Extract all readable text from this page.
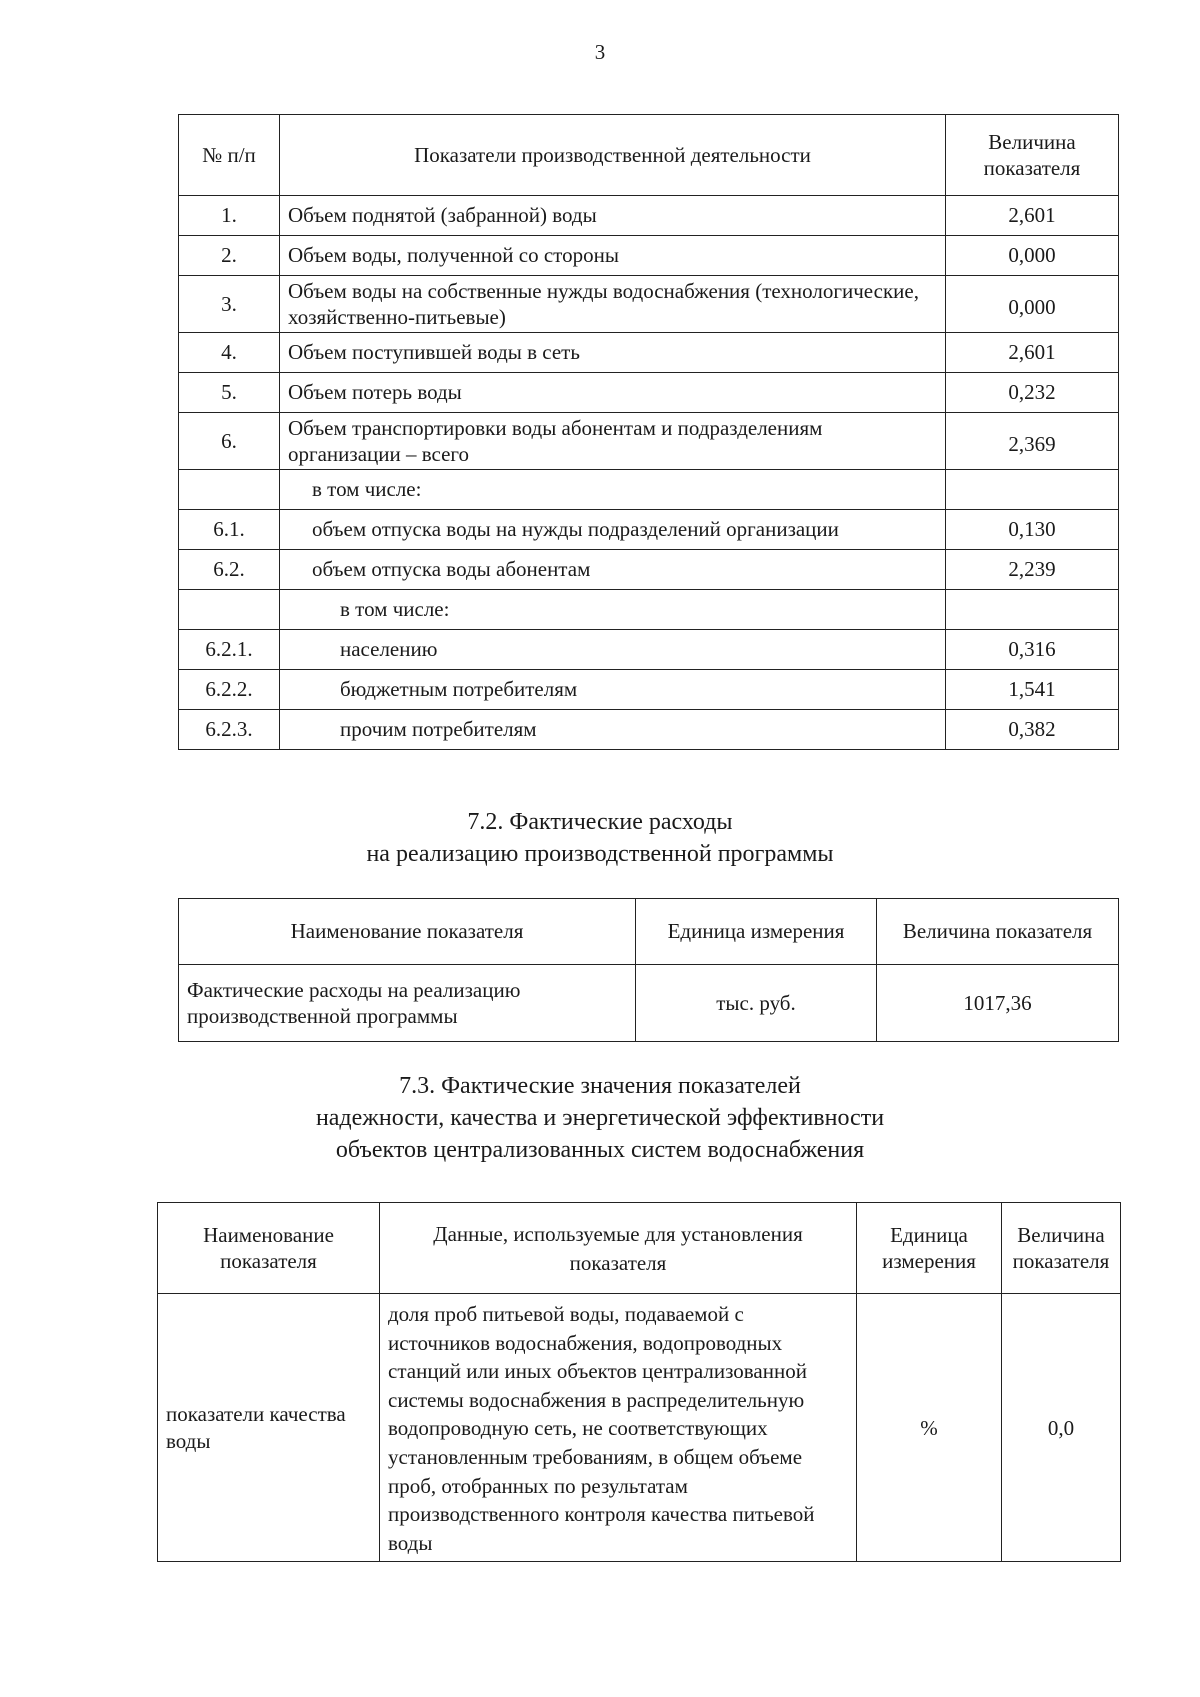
3
№ п/п	Показатели производственной деятельности	Величина показателя
1.	Объем поднятой (забранной) воды	2,601
2.	Объем воды, полученной со стороны	0,000
3.	Объем воды на собственные нужды водоснабжения (технологические, хозяйственно-питьевые)	0,000
4.	Объем поступившей воды в сеть	2,601
5.	Объем потерь воды	0,232
6.	Объем транспортировки воды абонентам и подразделениям организации – всего	2,369
	в том числе:	
6.1.	объем отпуска воды на нужды подразделений организации	0,130
6.2.	объем отпуска воды абонентам	2,239
	в том числе:	
6.2.1.	населению	0,316
6.2.2.	бюджетным потребителям	1,541
6.2.3.	прочим потребителям	0,382
7.2. Фактические расходы
на реализацию производственной программы
Наименование показателя	Единица измерения	Величина показателя
Фактические расходы на реализацию производственной программы	тыс. руб.	1017,36
7.3. Фактические значения показателей
надежности, качества и энергетической эффективности
объектов централизованных систем водоснабжения
Наименование показателя	Данные, используемые для установления показателя	Единица измерения	Величина показателя
показатели качества воды	доля проб питьевой воды, подаваемой с источников водоснабжения, водопроводных станций или иных объектов централизованной системы водоснабжения в распределительную водопроводную сеть, не соответствующих установленным требованиям, в общем объеме проб, отобранных по результатам производственного контроля качества питьевой воды	%	0,0
